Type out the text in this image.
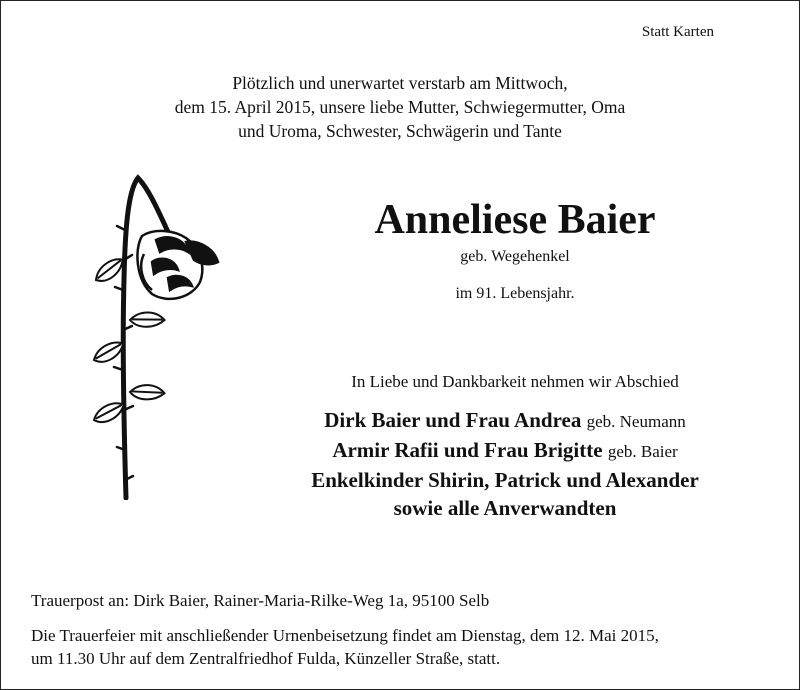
Statt Karten
Plötzlich und unerwartet verstarb am Mittwoch,
dem 15. April 2015, unsere liebe Mutter, Schwiegermutter, Oma
und Uroma, Schwester, Schwägerin und Tante
Anneliese Baier
geb. Wegehenkel
im 91. Lebensjahr.
In Liebe und Dankbarkeit nehmen wir Abschied
Dirk Baier und Frau Andrea geb. Neumann
Armir Rafii und Frau Brigitte geb. Baier
Enkelkinder Shirin, Patrick und Alexander
sowie alle Anverwandten
Trauerpost an: Dirk Baier, Rainer-Maria-Rilke-Weg 1a, 95100 Selb
Die Trauerfeier mit anschließender Urnenbeisetzung findet am Dienstag, dem 12. Mai 2015,
um 11.30 Uhr auf dem Zentralfriedhof Fulda, Künzeller Straße, statt.
